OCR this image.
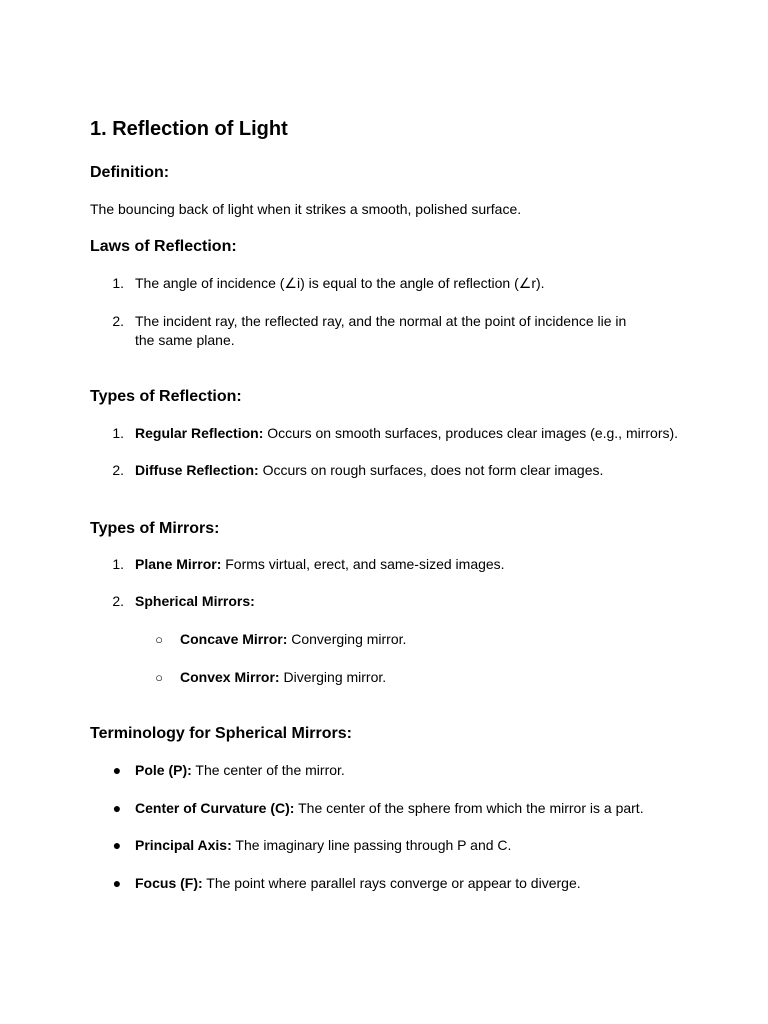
1. Reflection of Light
Definition:

The bouncing back of light when it strikes a smooth, polished surface.

Laws of Reflection:
1. The angle of incidence (∠i) is equal to the angle of reflection (∠r).
2. The incident ray, the reflected ray, and the normal at the point of incidence lie in the same plane.
Types of Reflection:
1. Regular Reflection: Occurs on smooth surfaces, produces clear images (e.g., mirrors).
2. Diffuse Reflection: Occurs on rough surfaces, does not form clear images.
Types of Mirrors:
1. Plane Mirror: Forms virtual, erect, and same-sized images.
2. Spherical Mirrors:
○ Concave Mirror: Converging mirror.
○ Convex Mirror: Diverging mirror.
Terminology for Spherical Mirrors:
● Pole (P): The center of the mirror.
● Center of Curvature (C): The center of the sphere from which the mirror is a part.
● Principal Axis: The imaginary line passing through P and C.
● Focus (F): The point where parallel rays converge or appear to diverge.
